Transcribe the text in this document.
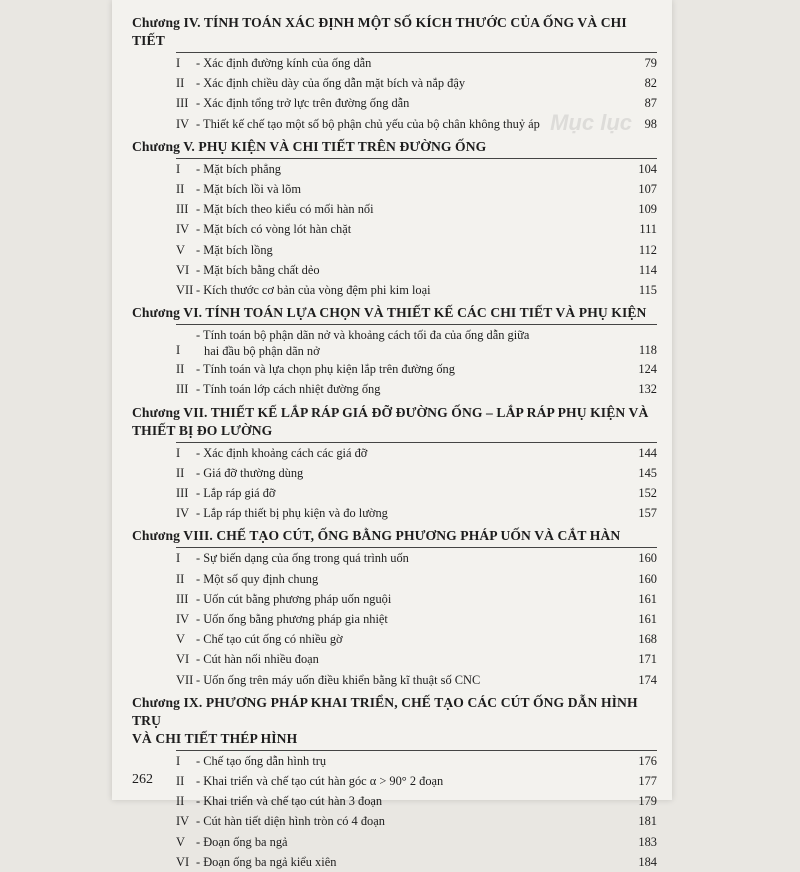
Mục lục
Chương IV. TÍNH TOÁN XÁC ĐỊNH MỘT SỐ KÍCH THƯỚC CỦA ỐNG VÀ CHI TIẾT
I	- Xác định đường kính của ống dẫn	79
II - Xác định chiều dày của ống dẫn mặt bích và nắp đậy	82
III - Xác định tổng trở lực trên đường ống dẫn	87
IV - Thiết kế chế tạo một số bộ phận chủ yếu của bộ chân không thuỷ áp	98
Chương V. PHỤ KIỆN VÀ CHI TIẾT TRÊN ĐƯỜNG ỐNG
I	- Mặt bích phẳng	104
II - Mặt bích lồi và lõm	107
III - Mặt bích theo kiểu có mối hàn nối	109
IV - Mặt bích có vòng lót hàn chặt	111
V - Mặt bích lồng	112
VI - Mặt bích bằng chất dẻo	114
VII - Kích thước cơ bản của vòng đệm phi kim loại	115
Chương VI. TÍNH TOÁN LỰA CHỌN VÀ THIẾT KẾ CÁC CHI TIẾT VÀ PHỤ KIỆN
I
- Tính toán bộ phận dãn nở và khoảng cách tối đa của ống dẫn giữa
hai đầu bộ phận dãn nở	118
II - Tính toán và lựa chọn phụ kiện lắp trên đường ống	124
III - Tính toán lớp cách nhiệt đường ống	132
Chương VII. THIẾT KẾ LẮP RÁP GIÁ ĐỠ ĐƯỜNG ỐNG – LẮP RÁP PHỤ KIỆN VÀ
THIẾT BỊ ĐO LƯỜNG
I	- Xác định khoảng cách các giá đỡ	144
II - Giá đỡ thường dùng	145
III - Lắp ráp giá đỡ	152
IV - Lắp ráp thiết bị phụ kiện và đo lường	157
Chương VIII. CHẾ TẠO CÚT, ỐNG BẰNG PHƯƠNG PHÁP UỐN VÀ CẮT HÀN
I	- Sự biến dạng của ống trong quá trình uốn	160
II - Một số quy định chung	160
III - Uốn cút bằng phương pháp uốn nguội	161
IV - Uốn ống bằng phương pháp gia nhiệt	161
V - Chế tạo cút ống có nhiều gờ	168
VI - Cút hàn nối nhiều đoạn	171
VII - Uốn ống trên máy uốn điều khiển bằng kĩ thuật số CNC	174
Chương IX. PHƯƠNG PHÁP KHAI TRIỂN, CHẾ TẠO CÁC CÚT ỐNG DẪN HÌNH TRỤ
VÀ CHI TIẾT THÉP HÌNH
I	- Chế tạo ống dẫn hình trụ	176
II - Khai triển và chế tạo cút hàn góc α > 90° 2 đoạn	177
II - Khai triển và chế tạo cút hàn 3 đoạn	179
IV - Cút hàn tiết diện hình tròn có 4 đoạn	181
V - Đoạn ống ba ngả	183
VI - Đoạn ống ba ngả kiểu xiên	184
262
